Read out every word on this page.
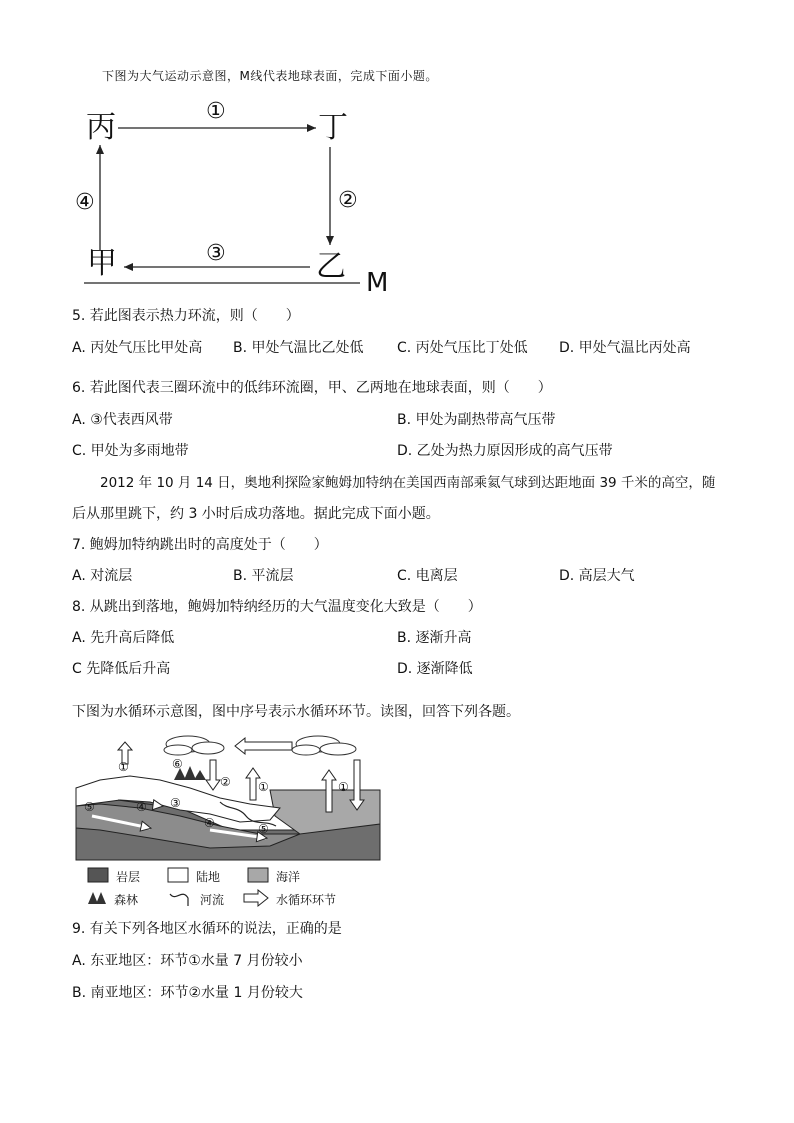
下图为大气运动示意图，M线代表地球表面，完成下面小题。
丙	丁
甲	乙 M
①
②
③
④
5. 若此图表示热力环流，则（　　）
A. 丙处气压比甲处高 B. 甲处气温比乙处低 C. 丙处气压比丁处低 D. 甲处气温比丙处高
6. 若此图代表三圈环流中的低纬环流圈，甲、乙两地在地球表面，则（　　）
A. ③代表西风带	B. 甲处为副热带高气压带
C. 甲处为多雨地带	D. 乙处为热力原因形成的高气压带
2012 年 10 月 14 日，奥地利探险家鲍姆加特纳在美国西南部乘氦气球到达距地面 39 千米的高空，随
后从那里跳下，约 3 小时后成功落地。据此完成下面小题。
7. 鲍姆加特纳跳出时的高度处于（　　）
A. 对流层	B. 平流层	C. 电离层	D. 高层大气
8. 从跳出到落地，鲍姆加特纳经历的大气温度变化大致是（　　）
A. 先升高后降低	B. 逐渐升高
C 先降低后升高	D. 逐渐降低
下图为水循环示意图，图中序号表示水循环环节。读图，回答下列各题。
①	⑥
② ①	①
⑤	④ ③
④	⑤
岩层	陆地	海洋
森林	河流	水循环环节
9. 有关下列各地区水循环的说法，正确的是
A. 东亚地区：环节①水量 7 月份较小
B. 南亚地区：环节②水量 1 月份较大
